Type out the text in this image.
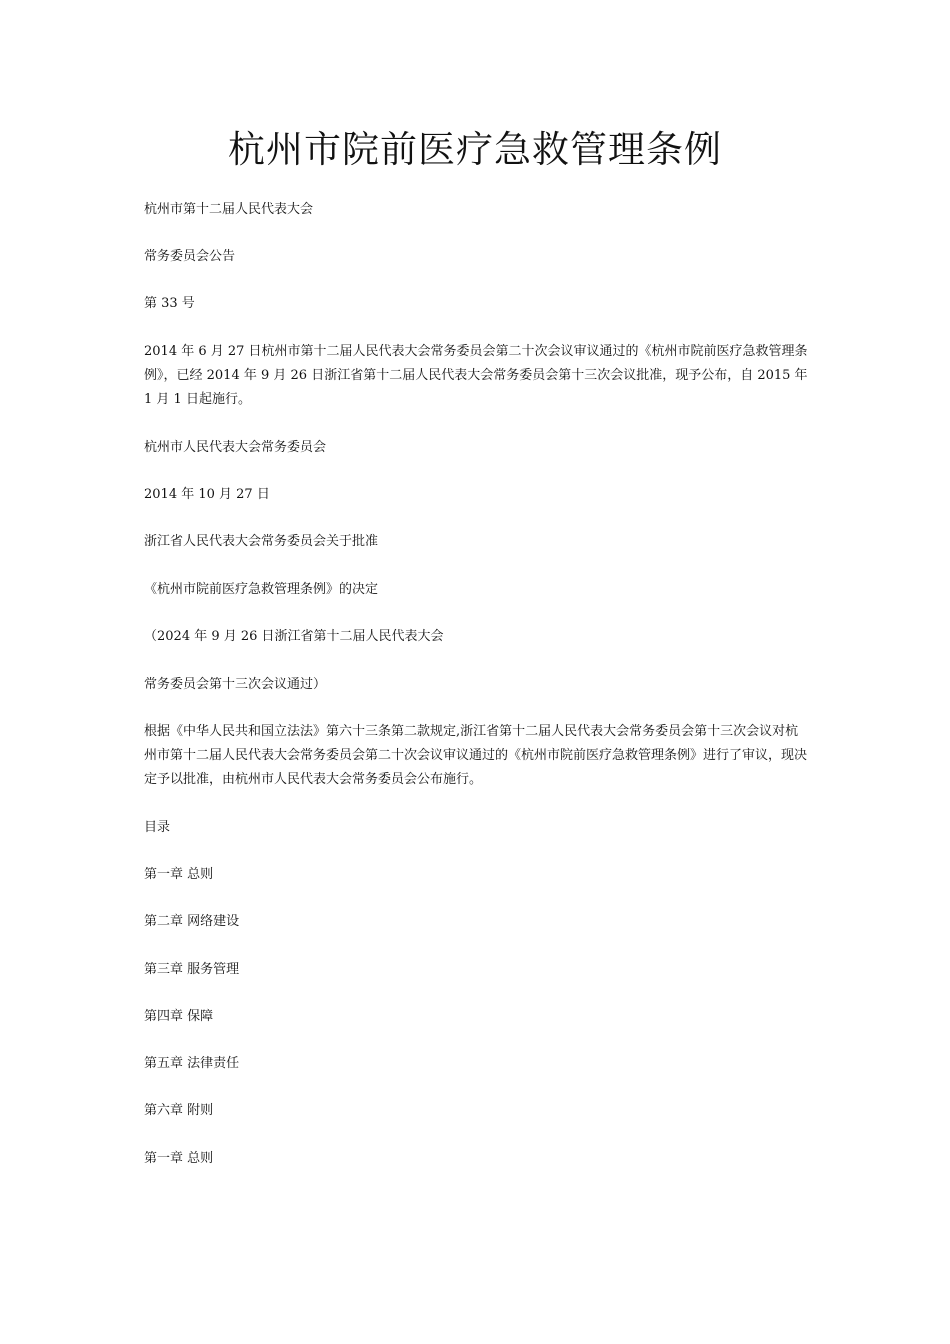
杭州市院前医疗急救管理条例

杭州市第十二届人民代表大会

常务委员会公告

第 33 号

2014 年 6 月 27 日杭州市第十二届人民代表大会常务委员会第二十次会议审议通过的《杭州市院前医疗急救管理条例》，已经 2014 年 9 月 26 日浙江省第十二届人民代表大会常务委员会第十三次会议批准，现予公布，自 2015 年 1 月 1 日起施行。

杭州市人民代表大会常务委员会

2014 年 10 月 27 日

浙江省人民代表大会常务委员会关于批准

《杭州市院前医疗急救管理条例》的决定

（2024 年 9 月 26 日浙江省第十二届人民代表大会

常务委员会第十三次会议通过）

根据《中华人民共和国立法法》第六十三条第二款规定,浙江省第十二届人民代表大会常务委员会第十三次会议对杭州市第十二届人民代表大会常务委员会第二十次会议审议通过的《杭州市院前医疗急救管理条例》进行了审议，现决定予以批准，由杭州市人民代表大会常务委员会公布施行。

目录

第一章 总则

第二章 网络建设

第三章 服务管理

第四章 保障

第五章 法律责任

第六章 附则

第一章 总则
